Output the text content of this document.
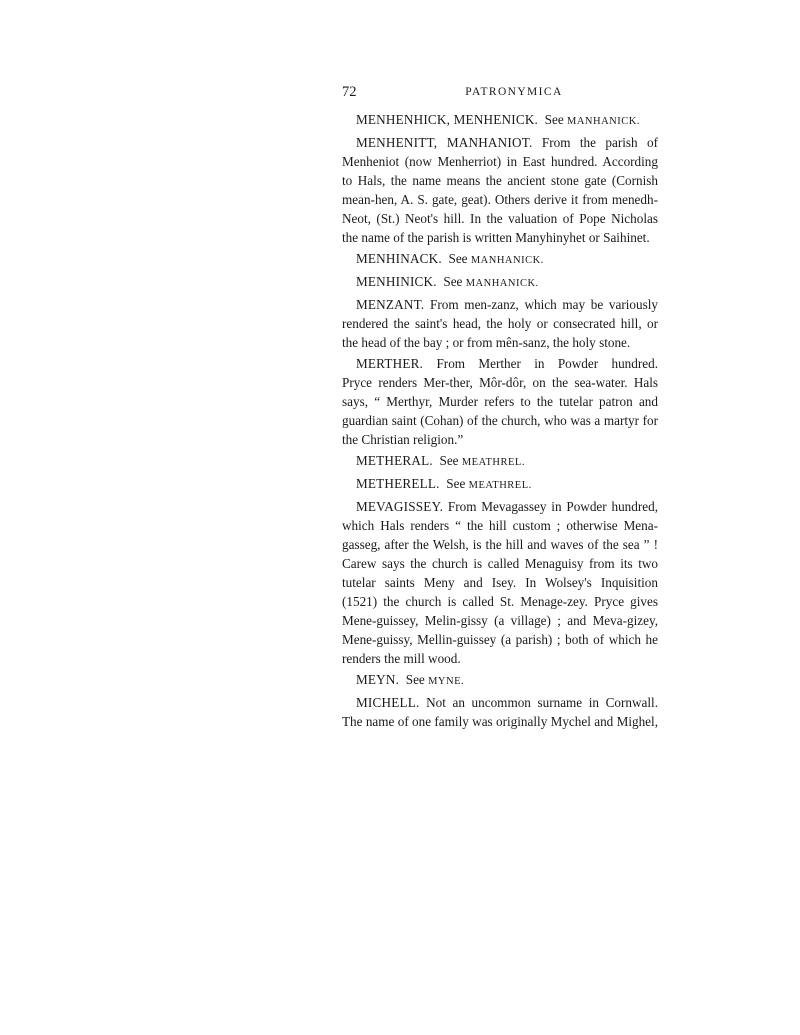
72	PATRONYMICA

MENHENHICK, MENHENICK. See MANHANICK.

MENHENITT, MANHANIOT. From the parish of
Menheniot (now Menherriot) in East hundred. According
to Hals, the name means the ancient stone gate (Cornish
mean-hen, A. S. gate, geat). Others derive it from menedh-
Neot, (St.) Neot's hill. In the valuation of Pope Nicholas
the name of the parish is written Manyhinyhet or Saihinet.

MENHINACK. See MANHANICK.

MENHINICK. See MANHANICK.

MENZANT. From men-zanz, which may be variously
rendered the saint's head, the holy or consecrated hill, or
the head of the bay ; or from mên-sanz, the holy stone.

MERTHER. From Merther in Powder hundred.
Pryce renders Mer-ther, Môr-dôr, on the sea-water. Hals
says, “ Merthyr, Murder refers to the tutelar patron and
guardian saint (Cohan) of the church, who was a martyr for
the Christian religion.”

METHERAL. See MEATHREL.

METHERELL. See MEATHREL.

MEVAGISSEY. From Mevagassey in Powder hundred,
which Hals renders “ the hill custom ; otherwise Mena-
gasseg, after the Welsh, is the hill and waves of the sea ” !
Carew says the church is called Menaguisy from its two
tutelar saints Meny and Isey. In Wolsey's Inquisition
(1521) the church is called St. Menage-zey. Pryce gives
Mene-guissey, Melin-gissy (a village) ; and Meva-gizey,
Mene-guissy, Mellin-guissey (a parish) ; both of which he
renders the mill wood.

MEYN. See MYNE.

MICHELL. Not an uncommon surname in Cornwall.
The name of one family was originally Mychel and Mighel,
